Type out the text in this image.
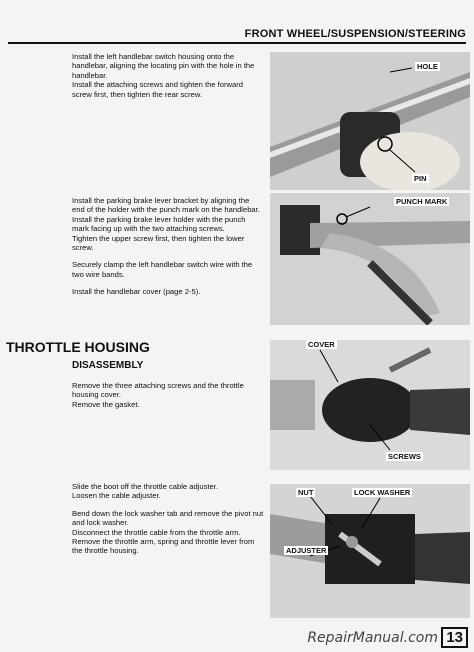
FRONT WHEEL/SUSPENSION/STEERING

Install the left handlebar switch housing onto the handlebar, aligning the locating pin with the hole in the handlebar.

Install the attaching screws and tighten the forward screw first, then tighten the rear screw.

HOLE
PIN

Install the parking brake lever bracket by aligning the end of the holder with the punch mark on the handlebar.

Install the parking brake lever holder with the punch mark facing up with the two attaching screws.

Tighten the upper screw first, then tighten the lower screw.

Securely clamp the left handlebar switch wire with the two wire bands.

Install the handlebar cover (page 2-5).

PUNCH MARK
THROTTLE HOUSING
DISASSEMBLY

Remove the three attaching screws and the throttle housing cover.

Remove the gasket.

COVER
SCREWS

Slide the boot off the throttle cable adjuster.

Loosen the cable adjuster.

Bend down the lock washer tab and remove the pivot nut and lock washer.

Disconnect the throttle cable from the throttle arm.

Remove the throttle arm, spring and throttle lever from the throttle housing.

NUT	LOCK WASHER
ADJUSTER
RepairManual.com 13
